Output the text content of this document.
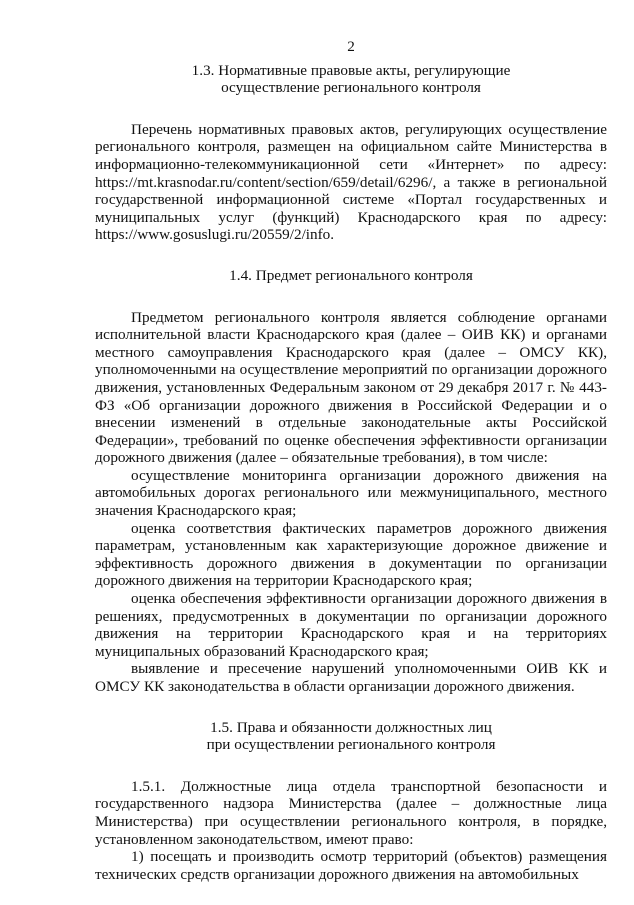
2

1.3. Нормативные правовые акты, регулирующие

осуществление регионального контроля

Перечень нормативных правовых актов, регулирующих осуществление регионального контроля, размещен на официальном сайте Министерства в информационно-телекоммуникационной сети «Интернет» по адресу: https://mt.krasnodar.ru/content/section/659/detail/6296/, а также в региональной государственной информационной системе «Портал государственных и муниципальных услуг (функций) Краснодарского края по адресу: https://www.gosuslugi.ru/20559/2/info.

1.4. Предмет регионального контроля

Предметом регионального контроля является соблюдение органами исполнительной власти Краснодарского края (далее – ОИВ КК) и органами местного самоуправления Краснодарского края (далее – ОМСУ КК), уполномоченными на осуществление мероприятий по организации дорожного движения, установленных Федеральным законом от 29 декабря 2017 г. № 443-ФЗ «Об организации дорожного движения в Российской Федерации и о внесении изменений в отдельные законодательные акты Российской Федерации», требований по оценке обеспечения эффективности организации дорожного движения (далее – обязательные требования), в том числе:

осуществление мониторинга организации дорожного движения на автомобильных дорогах регионального или межмуниципального, местного значения Краснодарского края;

оценка соответствия фактических параметров дорожного движения параметрам, установленным как характеризующие дорожное движение и эффективность дорожного движения в документации по организации дорожного движения на территории Краснодарского края;

оценка обеспечения эффективности организации дорожного движения в решениях, предусмотренных в документации по организации дорожного движения на территории Краснодарского края и на территориях муниципальных образований Краснодарского края;

выявление и пресечение нарушений уполномоченными ОИВ КК и ОМСУ КК законодательства в области организации дорожного движения.

1.5. Права и обязанности должностных лиц

при осуществлении регионального контроля

1.5.1. Должностные лица отдела транспортной безопасности и государственного надзора Министерства (далее – должностные лица Министерства) при осуществлении регионального контроля, в порядке, установленном законодательством, имеют право:

1) посещать и производить осмотр территорий (объектов) размещения технических средств организации дорожного движения на автомобильных
